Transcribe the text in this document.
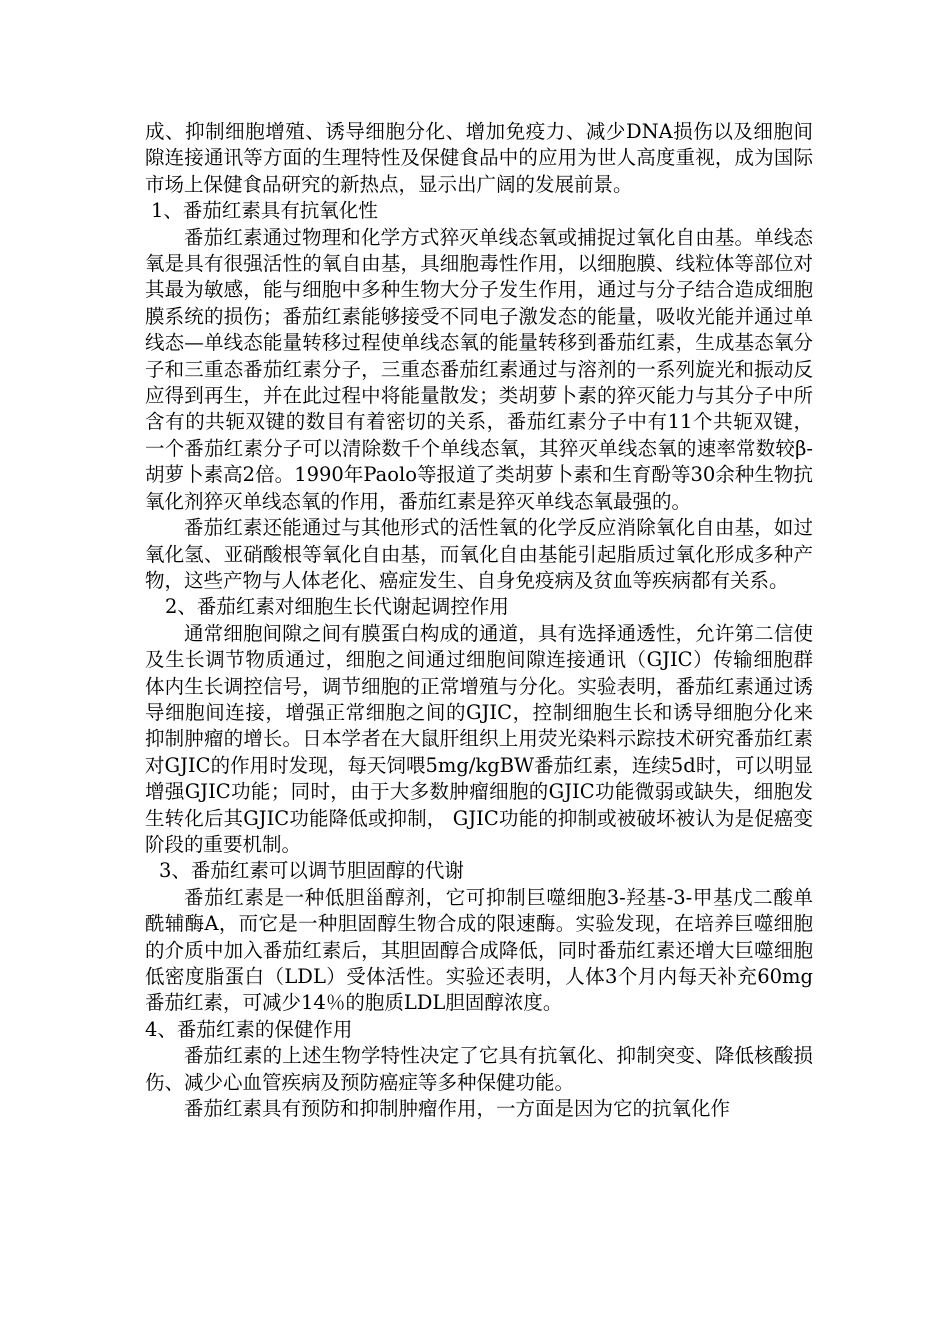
成、抑制细胞增殖、诱导细胞分化、增加免疫力、减少DNA损伤以及细胞间隙连接通讯等方面的生理特性及保健食品中的应用为世人高度重视，成为国际市场上保健食品研究的新热点，显示出广阔的发展前景。

1、番茄红素具有抗氧化性

番茄红素通过物理和化学方式猝灭单线态氧或捕捉过氧化自由基。单线态氧是具有很强活性的氧自由基，具细胞毒性作用，以细胞膜、线粒体等部位对其最为敏感，能与细胞中多种生物大分子发生作用，通过与分子结合造成细胞膜系统的损伤；番茄红素能够接受不同电子激发态的能量，吸收光能并通过单线态—单线态能量转移过程使单线态氧的能量转移到番茄红素，生成基态氧分子和三重态番茄红素分子，三重态番茄红素通过与溶剂的一系列旋光和振动反应得到再生，并在此过程中将能量散发；类胡萝卜素的猝灭能力与其分子中所含有的共轭双键的数目有着密切的关系，番茄红素分子中有11个共轭双键，一个番茄红素分子可以清除数千个单线态氧，其猝灭单线态氧的速率常数较β-胡萝卜素高2倍。1990年Paolo等报道了类胡萝卜素和生育酚等30余种生物抗氧化剂猝灭单线态氧的作用，番茄红素是猝灭单线态氧最强的。

番茄红素还能通过与其他形式的活性氧的化学反应消除氧化自由基，如过氧化氢、亚硝酸根等氧化自由基，而氧化自由基能引起脂质过氧化形成多种产物，这些产物与人体老化、癌症发生、自身免疫病及贫血等疾病都有关系。

2、番茄红素对细胞生长代谢起调控作用

通常细胞间隙之间有膜蛋白构成的通道，具有选择通透性，允许第二信使及生长调节物质通过，细胞之间通过细胞间隙连接通讯（GJIC）传输细胞群体内生长调控信号，调节细胞的正常增殖与分化。实验表明，番茄红素通过诱导细胞间连接，增强正常细胞之间的GJIC，控制细胞生长和诱导细胞分化来抑制肿瘤的增长。日本学者在大鼠肝组织上用荧光染料示踪技术研究番茄红素对GJIC的作用时发现，每天饲喂5mg/kgBW番茄红素，连续5d时，可以明显增强GJIC功能；同时，由于大多数肿瘤细胞的GJIC功能微弱或缺失，细胞发生转化后其GJIC功能降低或抑制， GJIC功能的抑制或被破坏被认为是促癌变阶段的重要机制。

3、番茄红素可以调节胆固醇的代谢

番茄红素是一种低胆甾醇剂，它可抑制巨噬细胞3-羟基-3-甲基戊二酸单酰辅酶A，而它是一种胆固醇生物合成的限速酶。实验发现，在培养巨噬细胞的介质中加入番茄红素后，其胆固醇合成降低，同时番茄红素还增大巨噬细胞低密度脂蛋白（LDL）受体活性。实验还表明，人体3个月内每天补充60mg番茄红素，可减少14％的胞质LDL胆固醇浓度。

4、番茄红素的保健作用

番茄红素的上述生物学特性决定了它具有抗氧化、抑制突变、降低核酸损伤、减少心血管疾病及预防癌症等多种保健功能。

番茄红素具有预防和抑制肿瘤作用，一方面是因为它的抗氧化作
